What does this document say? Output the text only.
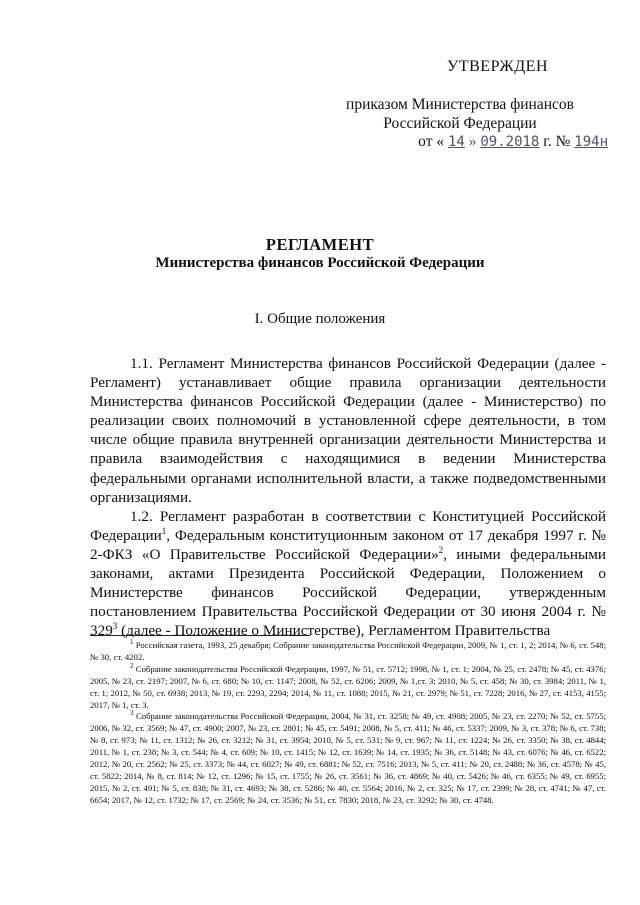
УТВЕРЖДЕН
приказом Министерства финансов
Российской Федерации
от « 14 » 09.2018 г. № 194н
РЕГЛАМЕНТ
Министерства финансов Российской Федерации
I. Общие положения

1.1. Регламент Министерства финансов Российской Федерации (далее - Регламент) устанавливает общие правила организации деятельности Министерства финансов Российской Федерации (далее - Министерство) по реализации своих полномочий в установленной сфере деятельности, в том числе общие правила внутренней организации деятельности Министерства и правила взаимодействия с находящимися в ведении Министерства федеральными органами исполнительной власти, а также подведомственными организациями.

1.2. Регламент разработан в соответствии с Конституцией Российской Федерации$^1$, Федеральным конституционным законом от 17 декабря 1997 г. № 2-ФКЗ «О Правительстве Российской Федерации»$^2$, иными федеральными законами, актами Президента Российской Федерации, Положением о Министерстве финансов Российской Федерации, утвержденным постановлением Правительства Российской Федерации от 30 июня 2004 г. № $329^3$ (далее - Положение о Министерстве), Регламентом Правительства

$^1$ Российская газета, 1993, 25 декабря; Собрание законодательства Российской Федерации, 2009, № 1, ст. 1, 2; 2014, № 6, ст. 548; № 30, ст. 4202.

$^2$ Собрание законодательства Российской Федерации, 1997, № 51, ст. 5712; 1998, № 1, ст. 1; 2004, № 25, ст. 2478; № 45, ст. 4376; 2005, № 23, ст. 2197; 2007, № 6, ст. 680; № 10, ст. 1147; 2008, № 52, ст. 6206; 2009, № 1,ст. 3; 2010, № 5, ст. 458; № 30, ст. 3984; 2011, № 1, ст. 1; 2012, № 50, ст. 6938; 2013, № 19, ст. 2293, 2294; 2014, № 11, ст. 1088; 2015, № 21, ст. 2979; № 51, ст. 7228; 2016, № 27, ст. 4153, 4155; 2017, № 1, ст. 3.

$^3$ Собрание законодательства Российской Федерации, 2004, № 31, ст. 3258; № 49, ст. 4908; 2005, № 23, ст. 2270; № 52, ст. 5755; 2006, № 32, ст. 3569; № 47, ст. 4900; 2007, № 23, ст. 2801; № 45, ст. 5491; 2008, № 5, ст. 411; № 46, ст. 5337; 2009, № 3, ст. 378; № 6, ст. 738; № 8, ст. 973; № 11, ст. 1312; № 26, ст. 3212; № 31, ст. 3954; 2010, № 5, ст. 531; № 9, ст. 967; № 11, ст. 1224; № 26, ст. 3350; № 38, ст. 4844; 2011, № 1, ст. 238; № 3, ст. 544; № 4, ст. 609; № 10, ст. 1415; № 12, ст. 1639; № 14, ст. 1935; № 36, ст. 5148; № 43, ст. 6076; № 46, ст. 6522; 2012, № 20, ст. 2562; № 25, ст. 3373; № 44, ст. 6027; № 49, ст. 6881; № 52, ст. 7516; 2013, № 5, ст. 411; № 20, ст. 2488; № 36, ст. 4578; № 45, ст. 5822; 2014, № 8, ст. 814; № 12, ст. 1296; № 15, ст. 1755; № 26, ст. 3561; № 36, ст. 4869; № 40, ст. 5426; № 46, ст. 6355; № 49, ст. 6955; 2015, № 2, ст. 491; № 5, ст. 838; № 31, ст. 4693; № 38, ст. 5286; № 40, ст. 5564; 2016, № 2, ст. 325; № 17, ст. 2399; № 28, ст. 4741; № 47, ст. 6654; 2017, № 12, ст. 1732; № 17, ст. 2569; № 24, ст. 3536; № 51, ст. 7830; 2018, № 23, ст. 3292; № 30, ст. 4748.
